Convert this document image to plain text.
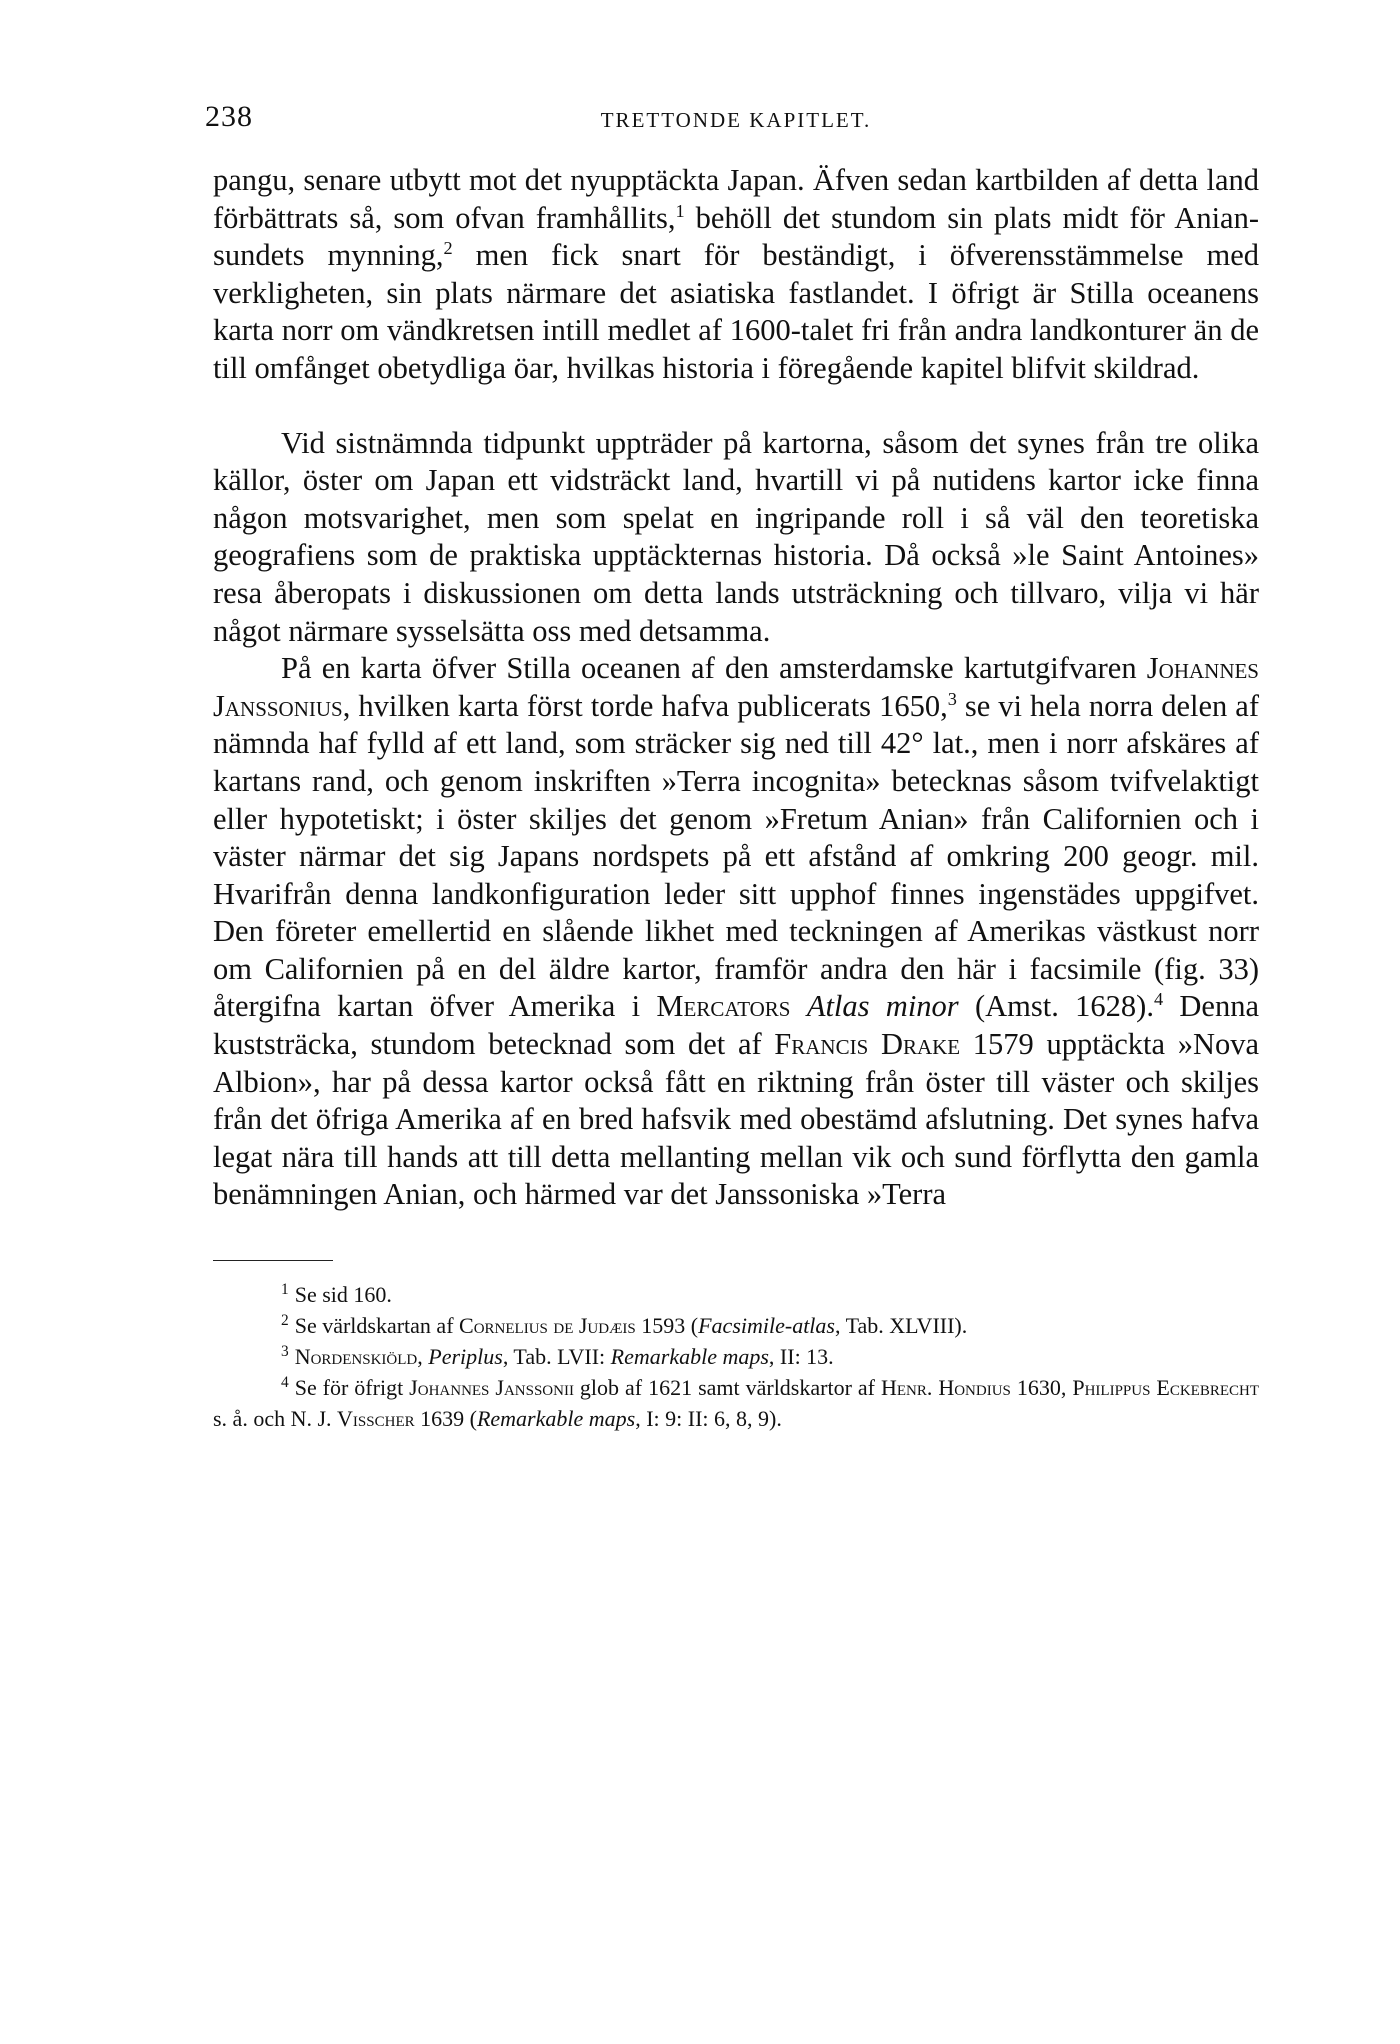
238	TRETTONDE KAPITLET.

pangu, senare utbytt mot det nyupptäckta Japan. Äfven sedan kartbilden af detta land förbättrats så, som ofvan framhållits,$^1$ behöll det stundom sin plats midt för Anian-sundets mynning,$^2$ men fick snart för beständigt, i öfverensstämmelse med verkligheten, sin plats närmare det asiatiska fastlandet. I öfrigt är Stilla oceanens karta norr om vändkretsen intill medlet af 1600-talet fri från andra landkonturer än de till omfånget obetydliga öar, hvilkas historia i föregående kapitel blifvit skildrad.

Vid sistnämnda tidpunkt uppträder på kartorna, såsom det synes från tre olika källor, öster om Japan ett vidsträckt land, hvartill vi på nutidens kartor icke finna någon motsvarighet, men som spelat en ingripande roll i så väl den teoretiska geografiens som de praktiska upptäckternas historia. Då också »le Saint Antoines» resa åberopats i diskussionen om detta lands utsträckning och tillvaro, vilja vi här något närmare sysselsätta oss med detsamma.

På en karta öfver Stilla oceanen af den amsterdamske kartutgifvaren Johannes Janssonius, hvilken karta först torde hafva publicerats 1650,$^3$ se vi hela norra delen af nämnda haf fylld af ett land, som sträcker sig ned till 42° lat., men i norr afskäres af kartans rand, och genom inskriften »Terra incognita» betecknas såsom tvifvelaktigt eller hypotetiskt; i öster skiljes det genom »Fretum Anian» från Californien och i väster närmar det sig Japans nordspets på ett afstånd af omkring 200 geogr. mil. Hvarifrån denna landkonfiguration leder sitt upphof finnes ingenstädes uppgifvet. Den företer emellertid en slående likhet med teckningen af Amerikas västkust norr om Californien på en del äldre kartor, framför andra den här i facsimile (fig. 33) återgifna kartan öfver Amerika i Mercators Atlas minor (Amst. 1628).$^4$ Denna kuststräcka, stundom betecknad som det af Francis Drake 1579 upptäckta »Nova Albion», har på dessa kartor också fått en riktning från öster till väster och skiljes från det öfriga Amerika af en bred hafsvik med obestämd afslutning. Det synes hafva legat nära till hands att till detta mellanting mellan vik och sund förflytta den gamla benämningen Anian, och härmed var det Janssoniska »Terra

$^1$ Se sid 160.

$^2$ Se världskartan af Cornelius de Judæis 1593 (Facsimile-atlas, Tab. XLVIII).

$^3$ Nordenskiöld, Periplus, Tab. LVII: Remarkable maps, II: 13.

$^4$ Se för öfrigt Johannes Janssonii glob af 1621 samt världskartor af Henr. Hondius 1630, Philippus Eckebrecht s. å. och N. J. Visscher 1639 (Remarkable maps, I: 9: II: 6, 8, 9).
